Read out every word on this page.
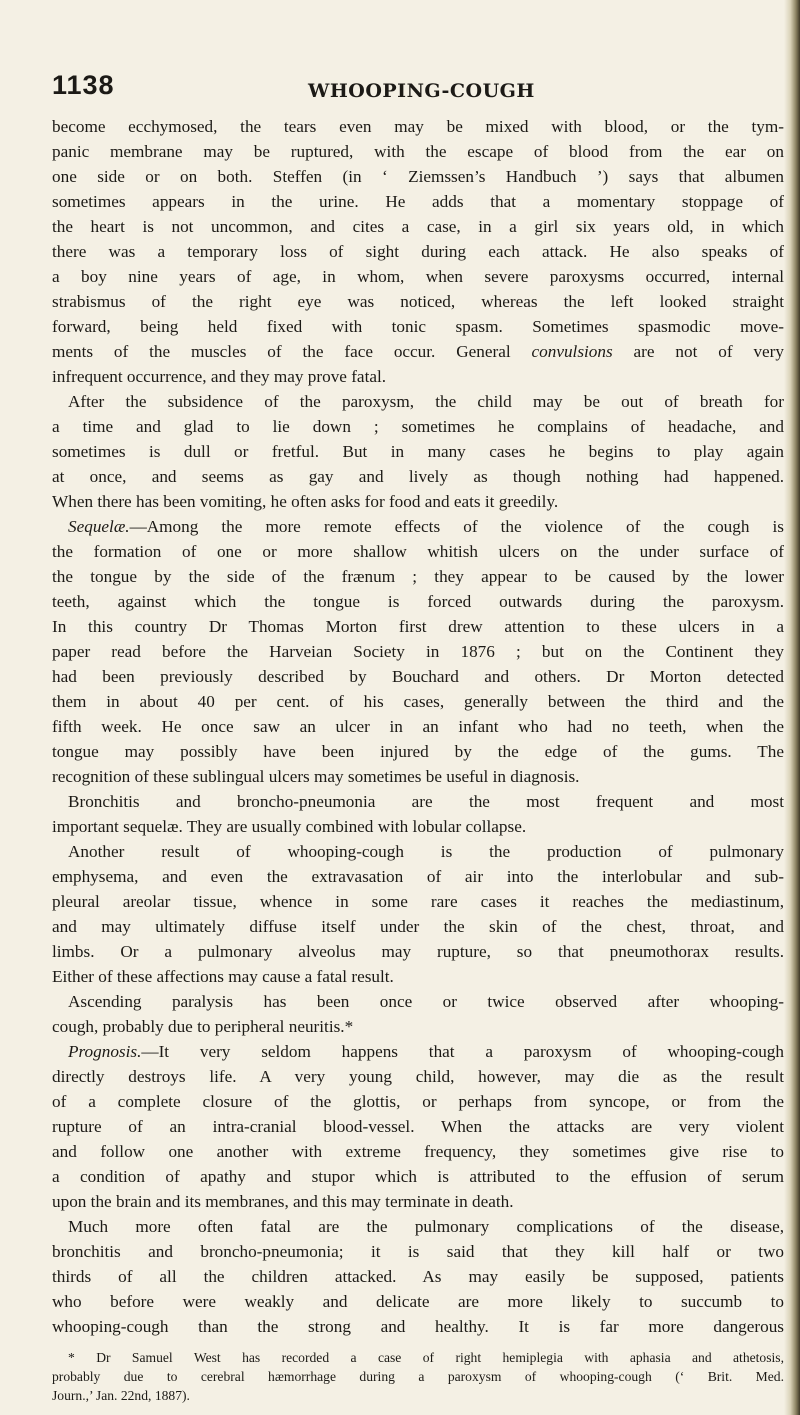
1138	WHOOPING-COUGH
become ecchymosed, the tears even may be mixed with blood, or the tym-
panic membrane may be ruptured, with the escape of blood from the ear on
one side or on both. Steffen (in ‘ Ziemssen’s Handbuch ’) says that albumen
sometimes appears in the urine. He adds that a momentary stoppage of
the heart is not uncommon, and cites a case, in a girl six years old, in which
there was a temporary loss of sight during each attack. He also speaks of
a boy nine years of age, in whom, when severe paroxysms occurred, internal
strabismus of the right eye was noticed, whereas the left looked straight
forward, being held fixed with tonic spasm. Sometimes spasmodic move-
ments of the muscles of the face occur. General convulsions are not of very
infrequent occurrence, and they may prove fatal.
After the subsidence of the paroxysm, the child may be out of breath for
a time and glad to lie down ; sometimes he complains of headache, and
sometimes is dull or fretful. But in many cases he begins to play again
at once, and seems as gay and lively as though nothing had happened.
When there has been vomiting, he often asks for food and eats it greedily.
Sequelæ.—Among the more remote effects of the violence of the cough is
the formation of one or more shallow whitish ulcers on the under surface of
the tongue by the side of the frænum ; they appear to be caused by the lower
teeth, against which the tongue is forced outwards during the paroxysm.
In this country Dr Thomas Morton first drew attention to these ulcers in a
paper read before the Harveian Society in 1876 ; but on the Continent they
had been previously described by Bouchard and others. Dr Morton detected
them in about 40 per cent. of his cases, generally between the third and the
fifth week. He once saw an ulcer in an infant who had no teeth, when the
tongue may possibly have been injured by the edge of the gums. The
recognition of these sublingual ulcers may sometimes be useful in diagnosis.
Bronchitis and broncho-pneumonia are the most frequent and most
important sequelæ. They are usually combined with lobular collapse.
Another result of whooping-cough is the production of pulmonary
emphysema, and even the extravasation of air into the interlobular and sub-
pleural areolar tissue, whence in some rare cases it reaches the mediastinum,
and may ultimately diffuse itself under the skin of the chest, throat, and
limbs. Or a pulmonary alveolus may rupture, so that pneumothorax results.
Either of these affections may cause a fatal result.
Ascending paralysis has been once or twice observed after whooping-
cough, probably due to peripheral neuritis.*
Prognosis.—It very seldom happens that a paroxysm of whooping-cough
directly destroys life. A very young child, however, may die as the result
of a complete closure of the glottis, or perhaps from syncope, or from the
rupture of an intra-cranial blood-vessel. When the attacks are very violent
and follow one another with extreme frequency, they sometimes give rise to
a condition of apathy and stupor which is attributed to the effusion of serum
upon the brain and its membranes, and this may terminate in death.
Much more often fatal are the pulmonary complications of the disease,
bronchitis and broncho-pneumonia; it is said that they kill half or two
thirds of all the children attacked. As may easily be supposed, patients
who before were weakly and delicate are more likely to succumb to
whooping-cough than the strong and healthy. It is far more dangerous
* Dr Samuel West has recorded a case of right hemiplegia with aphasia and athetosis,
probably due to cerebral hæmorrhage during a paroxysm of whooping-cough (‘ Brit. Med.
Journ.,’ Jan. 22nd, 1887).
